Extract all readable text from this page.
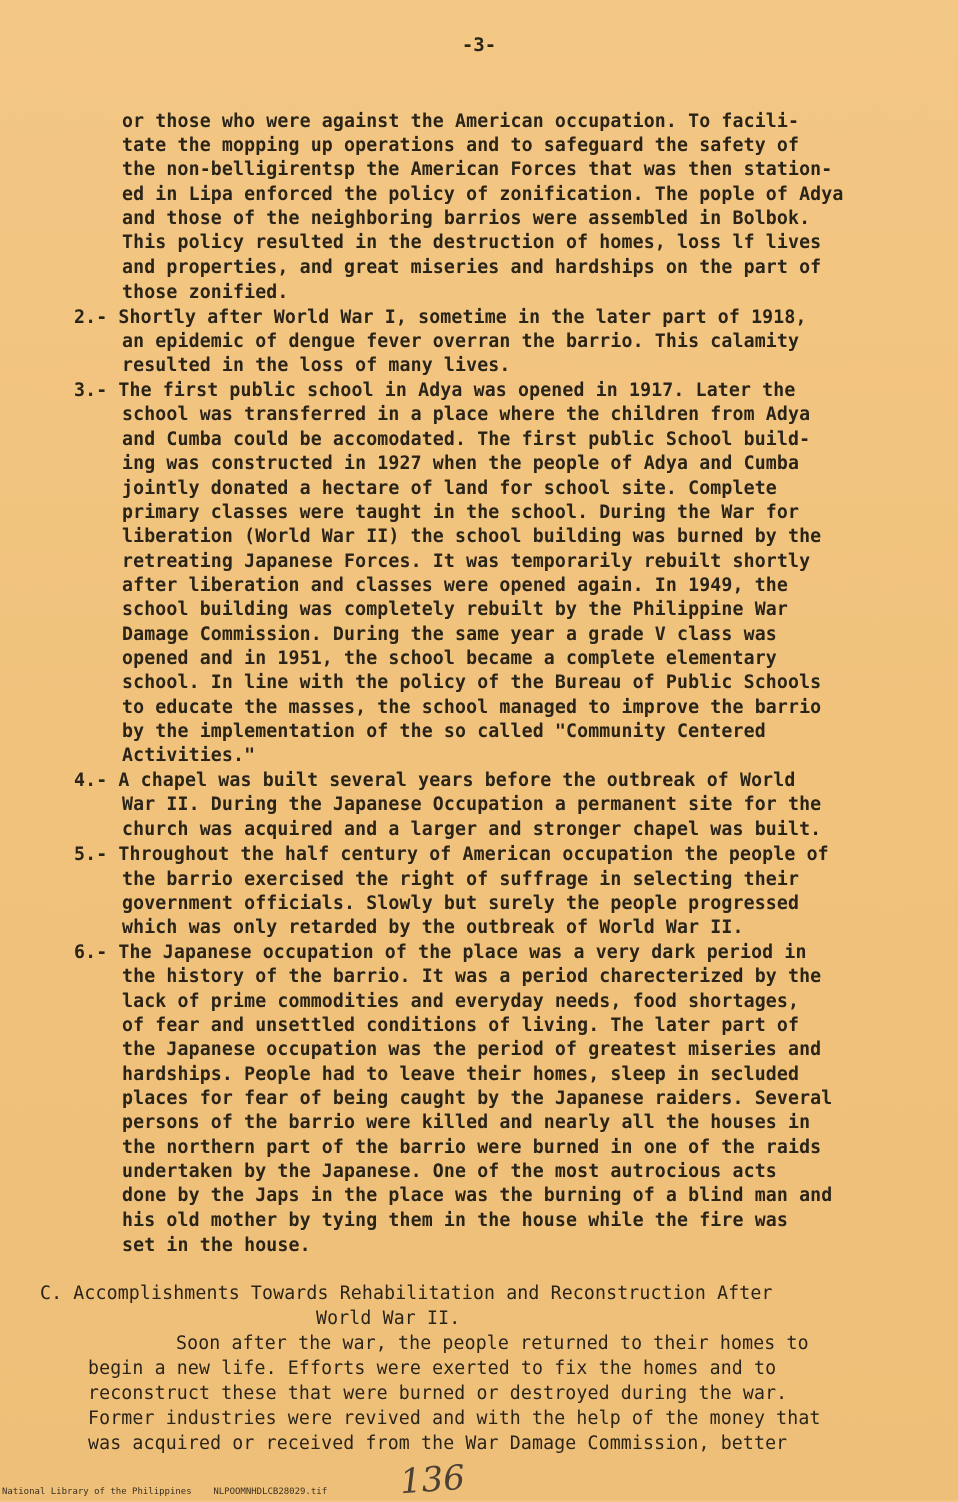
-3-
or those who were against the American occupation. To facili-
tate the mopping up operations and to safeguard the safety of
the non-belligirentsp the American Forces that was then station-
ed in Lipa enforced the policy of zonification. The pople of Adya
and those of the neighboring barrios were assembled in Bolbok.
This policy resulted in the destruction of homes, loss lf lives
and properties, and great miseries and hardships on the part of
those zonified.
2.- Shortly after World War I, sometime in the later part of 1918,
an epidemic of dengue fever overran the barrio. This calamity
resulted in the loss of many lives.
3.- The first public school in Adya was opened in 1917. Later the
school was transferred in a place where the children from Adya
and Cumba could be accomodated. The first public School build-
ing was constructed in 1927 when the people of Adya and Cumba
jointly donated a hectare of land for school site. Complete
primary classes were taught in the school. During the War for
liberation (World War II) the school building was burned by the
retreating Japanese Forces. It was temporarily rebuilt shortly
after liberation and classes were opened again. In 1949, the
school building was completely rebuilt by the Philippine War
Damage Commission. During the same year a grade V class was
opened and in 1951, the school became a complete elementary
school. In line with the policy of the Bureau of Public Schools
to educate the masses, the school managed to improve the barrio
by the implementation of the so called "Community Centered
Activities."
4.- A chapel was built several years before the outbreak of World
War II. During the Japanese Occupation a permanent site for the
church was acquired and a larger and stronger chapel was built.
5.- Throughout the half century of American occupation the people of
the barrio exercised the right of suffrage in selecting their
government officials. Slowly but surely the people progressed
which was only retarded by the outbreak of World War II.
6.- The Japanese occupation of the place was a very dark period in
the history of the barrio. It was a period charecterized by the
lack of prime commodities and everyday needs, food shortages,
of fear and unsettled conditions of living. The later part of
the Japanese occupation was the period of greatest miseries and
hardships. People had to leave their homes, sleep in secluded
places for fear of being caught by the Japanese raiders. Several
persons of the barrio were killed and nearly all the houses in
the northern part of the barrio were burned in one of the raids
undertaken by the Japanese. One of the most autrocious acts
done by the Japs in the place was the burning of a blind man and
his old mother by tying them in the house while the fire was
set in the house.
C. Accomplishments Towards Rehabilitation and Reconstruction After
World War II.
Soon after the war, the people returned to their homes to
begin a new life. Efforts were exerted to fix the homes and to
reconstruct these that were burned or destroyed during the war.
Former industries were revived and with the help of the money that
was acquired or received from the War Damage Commission, better
136
National Library of the Philippines    NLPOOMNHDLCB28029.tif
